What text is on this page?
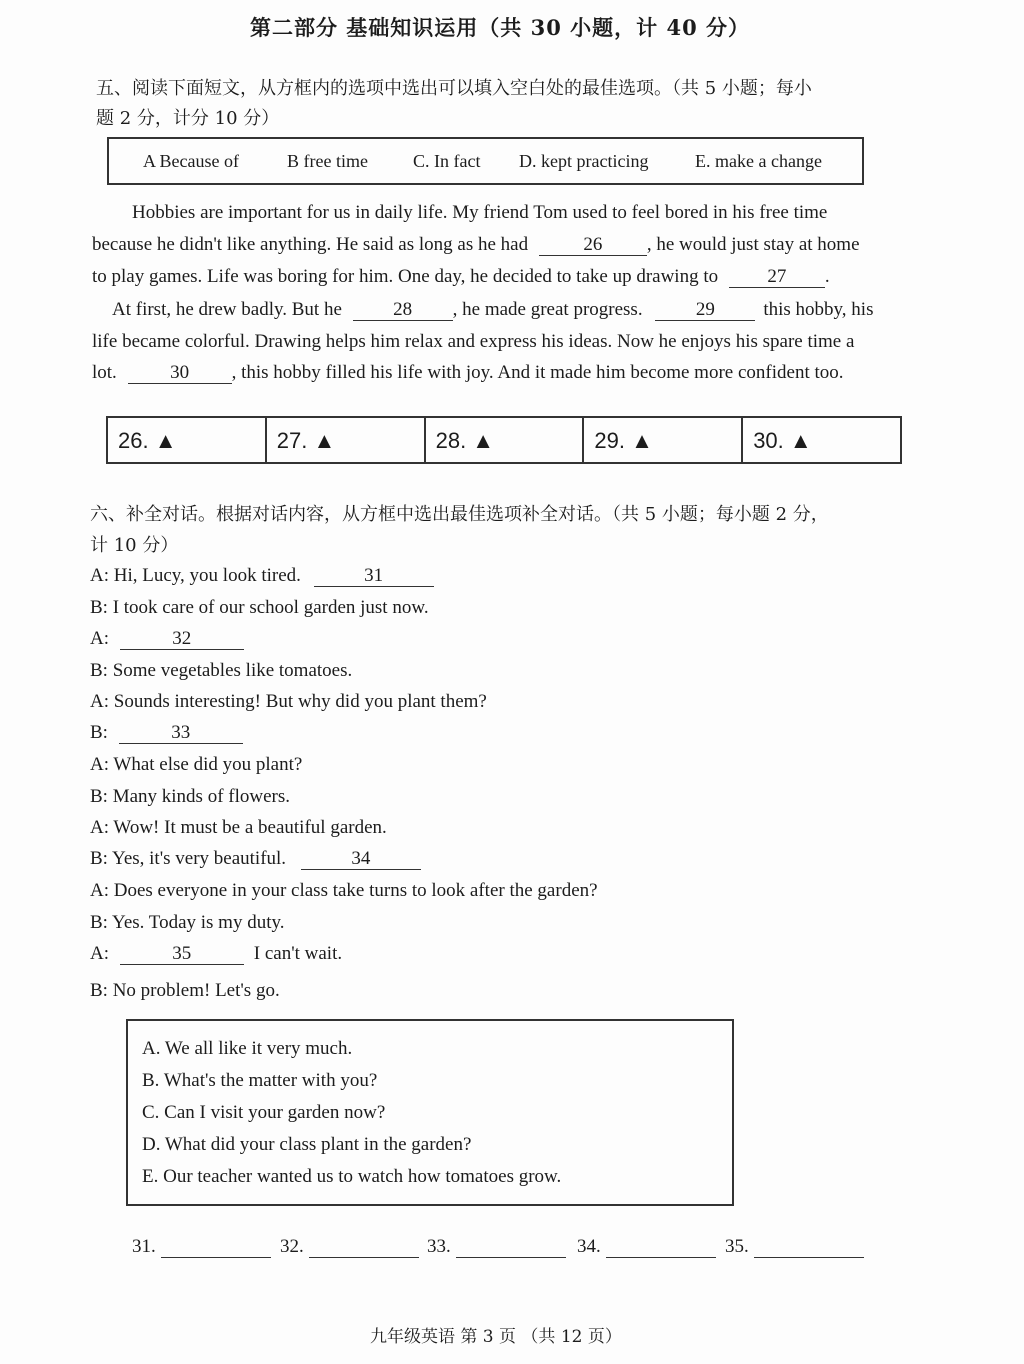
第二部分 基础知识运用（共 30 小题，计 40 分）
五、阅读下面短文，从方框内的选项中选出可以填入空白处的最佳选项。（共 5 小题；每小
题 2 分，计分 10 分）
A Because of	B free time	C. In fact D. kept practicing	E. make a change
Hobbies are important for us in daily life. My friend Tom used to feel bored in his free time
because he didn't like anything. He said as long as he had	26 , he would just stay at home
to play games. Life was boring for him. One day, he decided to take up drawing to	27 .
At first, he drew badly. But he	28 , he made great progress.	29	this hobby, his
life became colorful. Drawing helps him relax and express his ideas. Now he enjoys his spare time a
lot.	30 , this hobby filled his life with joy. And it made him become more confident too.
26. ▲	27. ▲	28. ▲	29. ▲	30. ▲
六、补全对话。根据对话内容，从方框中选出最佳选项补全对话。（共 5 小题；每小题 2 分，
计 10 分）
A: Hi, Lucy, you look tired.	31
B: I took care of our school garden just now.
A:	32
B: Some vegetables like tomatoes.
A: Sounds interesting! But why did you plant them?
B:	33
A: What else did you plant?
B: Many kinds of flowers.
A: Wow! It must be a beautiful garden.
B: Yes, it's very beautiful.	34
A: Does everyone in your class take turns to look after the garden?
B: Yes. Today is my duty.
A:	35	I can't wait.
B: No problem! Let's go.
A. We all like it very much.
B. What's the matter with you?
C. Can I visit your garden now?
D. What did your class plant in the garden?
E. Our teacher wanted us to watch how tomatoes grow.
31.	32.	33.	34.	35.
九年级英语 第 3 页 （共 12 页）
